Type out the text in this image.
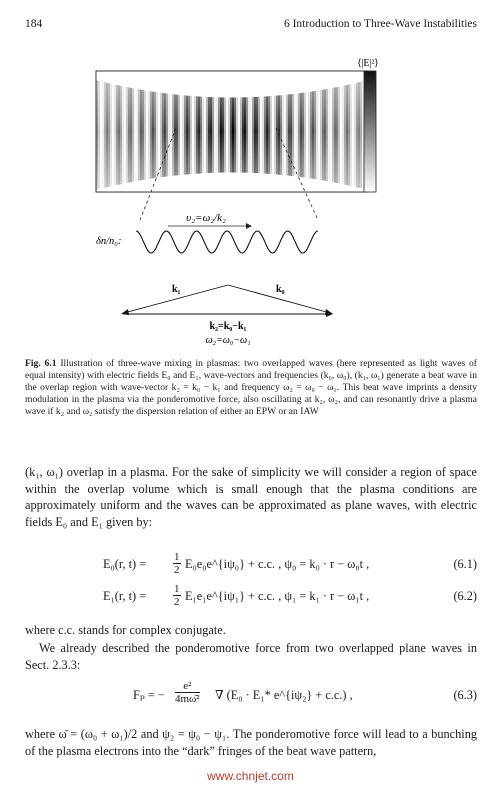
184	6 Introduction to Three-Wave Instabilities
⟨|E|²⟩
υ₂=ω₂/k₂
δn/n₀:
k₁	k₀
k₂=k₀−k₁
ω₂=ω₀−ω₁
Fig. 6.1 Illustration of three-wave mixing in plasmas: two overlapped waves (here represented as light waves of equal intensity) with electric fields E₀ and E₁, wave-vectors and frequencies (k₀, ω₀), (k₁, ω₁) generate a beat wave in the overlap region with wave-vector k₂ = k₀ − k₁ and frequency ω₂ = ω₀ − ω₁. This beat wave imprints a density modulation in the plasma via the ponderomotive force, also oscillating at k₂, ω₂, and can resonantly drive a plasma wave if k₂ and ω₂ satisfy the dispersion relation of either an EPW or an IAW
(k₁, ω₁) overlap in a plasma. For the sake of simplicity we will consider a region of space within the overlap volume which is small enough that the plasma conditions are approximately uniform and the waves can be approximated as plane waves, with electric fields E₀ and E₁ given by:
E₀(r, $t) = \frac{1}{2}$ E₀e₀e^{iψ₀} + c.c. , ψ₀ = k₀ · r − ω₀t ,	(6.1)
E₁(r, $t) = \frac{1}{2}$ E₁e₁e^{iψ₁} + c.c. , ψ₁ = k₁ · r − ω₁t ,	(6.2)
where c.c. stands for complex conjugate.
We already described the ponderomotive force from two overlapped plane waves in Sect. 2.3.3:
Fₚ = − $\frac{\text{e²}}{\text{4mω̄²}}$ ∇ (E₀ · E₁* e^{iψ₂} + c.c.) ,	(6.3)
where ω̄ = (ω₀ + ω₁)/2 and ψ₂ = ψ₀ − ψ₁. The ponderomotive force will lead to a bunching of the plasma electrons into the “dark” fringes of the beat wave pattern,
www.chnjet.com
